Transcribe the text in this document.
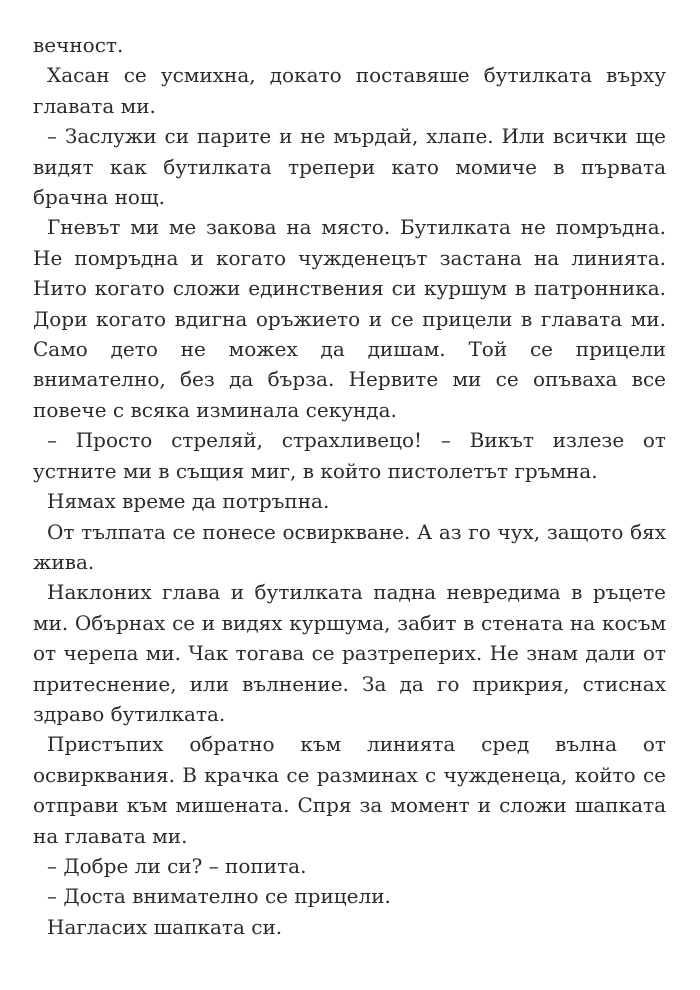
вечност.

Хасан се усмихна, докато поставяше бутилката върху главата ми.

– Заслужи си парите и не мърдай, хлапе. Или всички ще видят как бутилката трепери като момиче в първата брачна нощ.

Гневът ми ме закова на място. Бутилката не помръдна. Не помръдна и когато чужденецът застана на линията. Нито когато сложи единствения си куршум в патронника. Дори когато вдигна оръжието и се прицели в главата ми. Само дето не можех да дишам. Той се прицели внимателно, без да бърза. Нервите ми се опъваха все повече с всяка изминала секунда.

– Просто стреляй, страхливецо! – Викът излезе от устните ми в същия миг, в който пистолетът гръмна.

Нямах време да потръпна.

От тълпата се понесе освиркване. А аз го чух, защото бях жива.

Наклоних глава и бутилката падна невредима в ръцете ми. Обърнах се и видях куршума, забит в стената на косъм от черепа ми. Чак тогава се разтреперих. Не знам дали от притеснение, или вълнение. За да го прикрия, стиснах здраво бутилката.

Пристъпих обратно към линията сред вълна от освирквания. В крачка се разминах с чужденеца, който се отправи към мишената. Спря за момент и сложи шапката на главата ми.

– Добре ли си? – попита.

– Доста внимателно се прицели.

Нагласих шапката си.
